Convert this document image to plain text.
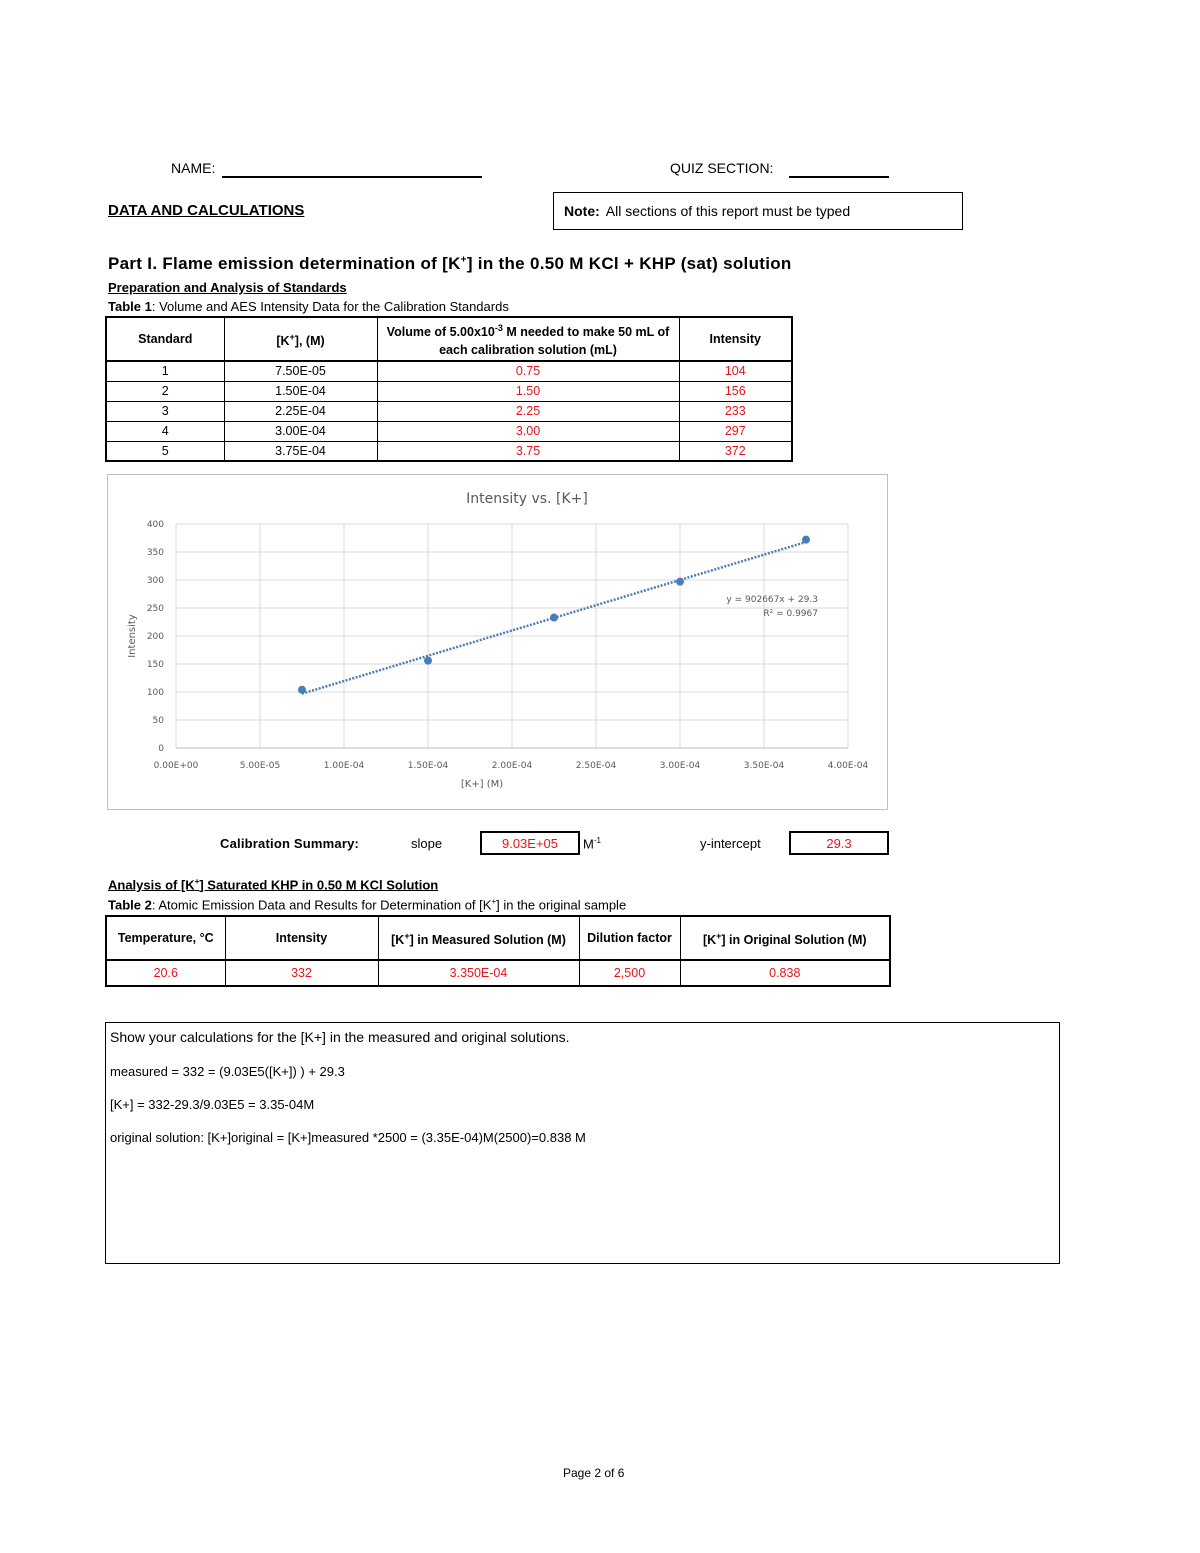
NAME:	QUIZ SECTION:
DATA AND CALCULATIONS	Note: All sections of this report must be typed
Part I. Flame emission determination of [K+] in the 0.50 M KCl + KHP (sat) solution
Preparation and Analysis of Standards
Table 1: Volume and AES Intensity Data for the Calibration Standards
Standard	[K+], (M)	Volume of $5.00x10^{-3}$ M needed to make 50 mL of each calibration solution (mL)	Intensity
1	7.50E-05	0.75	104
2	1.50E-04	1.50	156
3	2.25E-04	2.25	233
4	3.00E-04	3.00	297
5	3.75E-04	3.75	372
Intensity vs. [K+]
0
50
100
150
200
250
300
350
400
0.00E+00	5.00E-05	1.00E-04	1.50E-04	2.00E-04	2.50E-04	3.00E-04	3.50E-04	4.00E-04
[K+] (M)
Intensity
y = 902667x + 29.3
R² = 0.9967
Calibration Summary:	slope	9.03E+05	$M^{-1}$	y-intercept	29.3
Analysis of [K+] Saturated KHP in 0.50 M KCl Solution
Table 2: Atomic Emission Data and Results for Determination of [K+] in the original sample
Temperature, °C	Intensity	[K+] in Measured Solution (M)	Dilution factor	[K+] in Original Solution (M)
20.6	332	3.350E-04	2,500	0.838
Show your calculations for the [K+] in the measured and original solutions.
measured = 332 = (9.03E5([K+]) ) + 29.3
[K+] = 332-29.3/9.03E5 = 3.35-04M
original solution: [K+]original = [K+]measured *2500 = (3.35E-04)M(2500)=0.838 M
Page 2 of 6
